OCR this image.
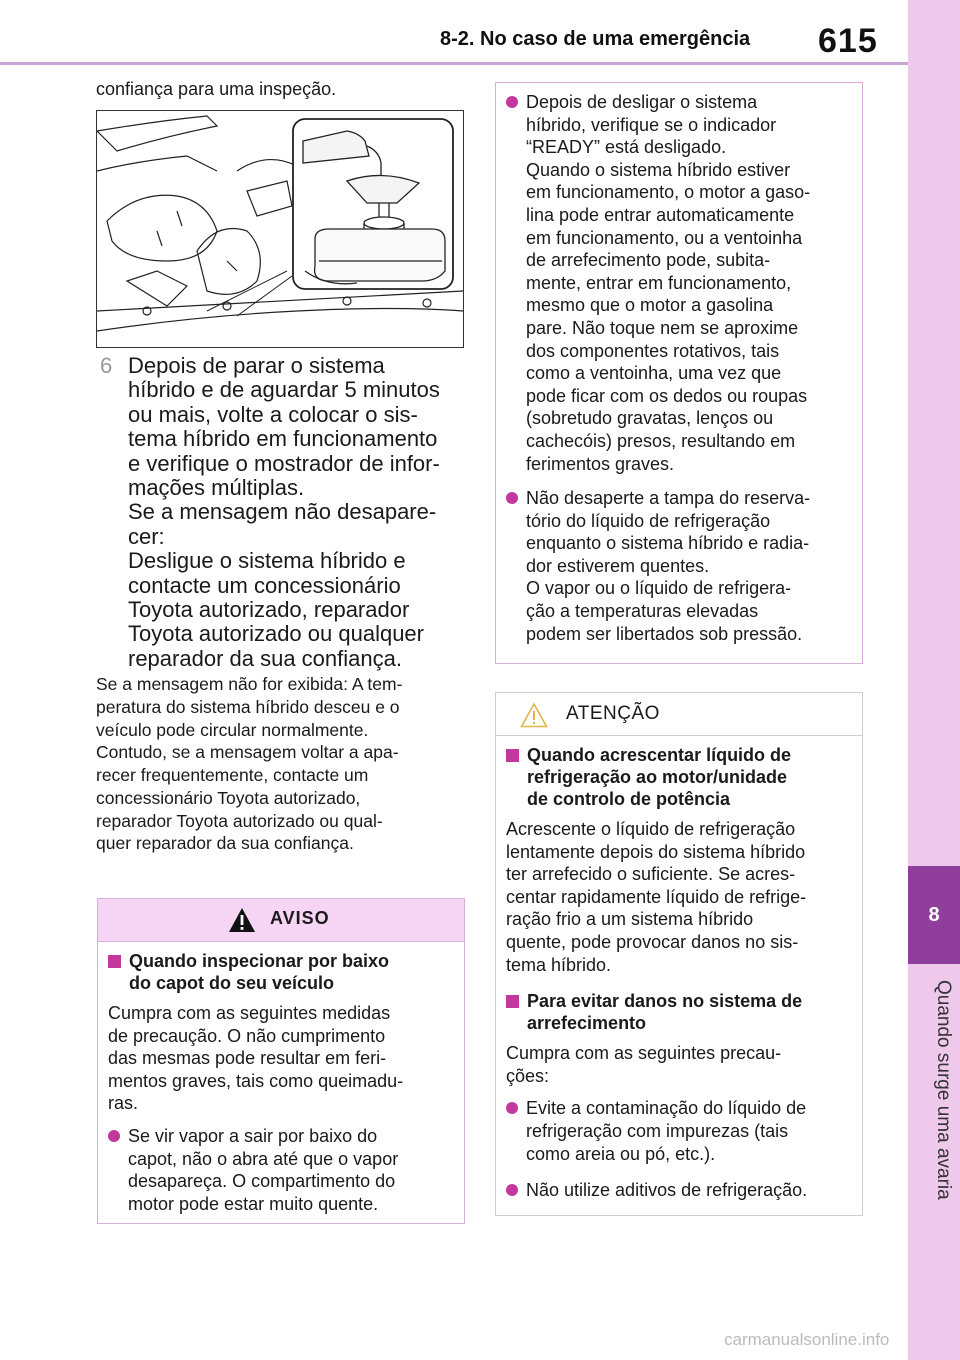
8-2. No caso de uma emergência 615
8
Quando surge uma avaria
confiança para uma inspeção.
6 Depois de parar o sistema
híbrido e de aguardar 5 minutos
ou mais, volte a colocar o sis-
tema híbrido em funcionamento
e verifique o mostrador de infor-
mações múltiplas.
Se a mensagem não desapare-
cer:
Desligue o sistema híbrido e
contacte um concessionário
Toyota autorizado, reparador
Toyota autorizado ou qualquer
reparador da sua confiança.
Se a mensagem não for exibida: A tem-
peratura do sistema híbrido desceu e o
veículo pode circular normalmente.
Contudo, se a mensagem voltar a apa-
recer frequentemente, contacte um
concessionário Toyota autorizado,
reparador Toyota autorizado ou qual-
quer reparador da sua confiança.
AVISO
Quando inspecionar por baixo
do capot do seu veículo
Cumpra com as seguintes medidas
de precaução. O não cumprimento
das mesmas pode resultar em feri-
mentos graves, tais como queimadu-
ras.
Se vir vapor a sair por baixo do
capot, não o abra até que o vapor
desapareça. O compartimento do
motor pode estar muito quente.
Depois de desligar o sistema
híbrido, verifique se o indicador
“READY” está desligado.
Quando o sistema híbrido estiver
em funcionamento, o motor a gaso-
lina pode entrar automaticamente
em funcionamento, ou a ventoinha
de arrefecimento pode, subita-
mente, entrar em funcionamento,
mesmo que o motor a gasolina
pare. Não toque nem se aproxime
dos componentes rotativos, tais
como a ventoinha, uma vez que
pode ficar com os dedos ou roupas
(sobretudo gravatas, lenços ou
cachecóis) presos, resultando em
ferimentos graves.
Não desaperte a tampa do reserva-
tório do líquido de refrigeração
enquanto o sistema híbrido e radia-
dor estiverem quentes.
O vapor ou o líquido de refrigera-
ção a temperaturas elevadas
podem ser libertados sob pressão.
ATENÇÃO
Quando acrescentar líquido de
refrigeração ao motor/unidade
de controlo de potência
Acrescente o líquido de refrigeração
lentamente depois do sistema híbrido
ter arrefecido o suficiente. Se acres-
centar rapidamente líquido de refrige-
ração frio a um sistema híbrido
quente, pode provocar danos no sis-
tema híbrido.
Para evitar danos no sistema de
arrefecimento
Cumpra com as seguintes precau-
ções:
Evite a contaminação do líquido de
refrigeração com impurezas (tais
como areia ou pó, etc.).
Não utilize aditivos de refrigeração.
carmanualsonline.info
